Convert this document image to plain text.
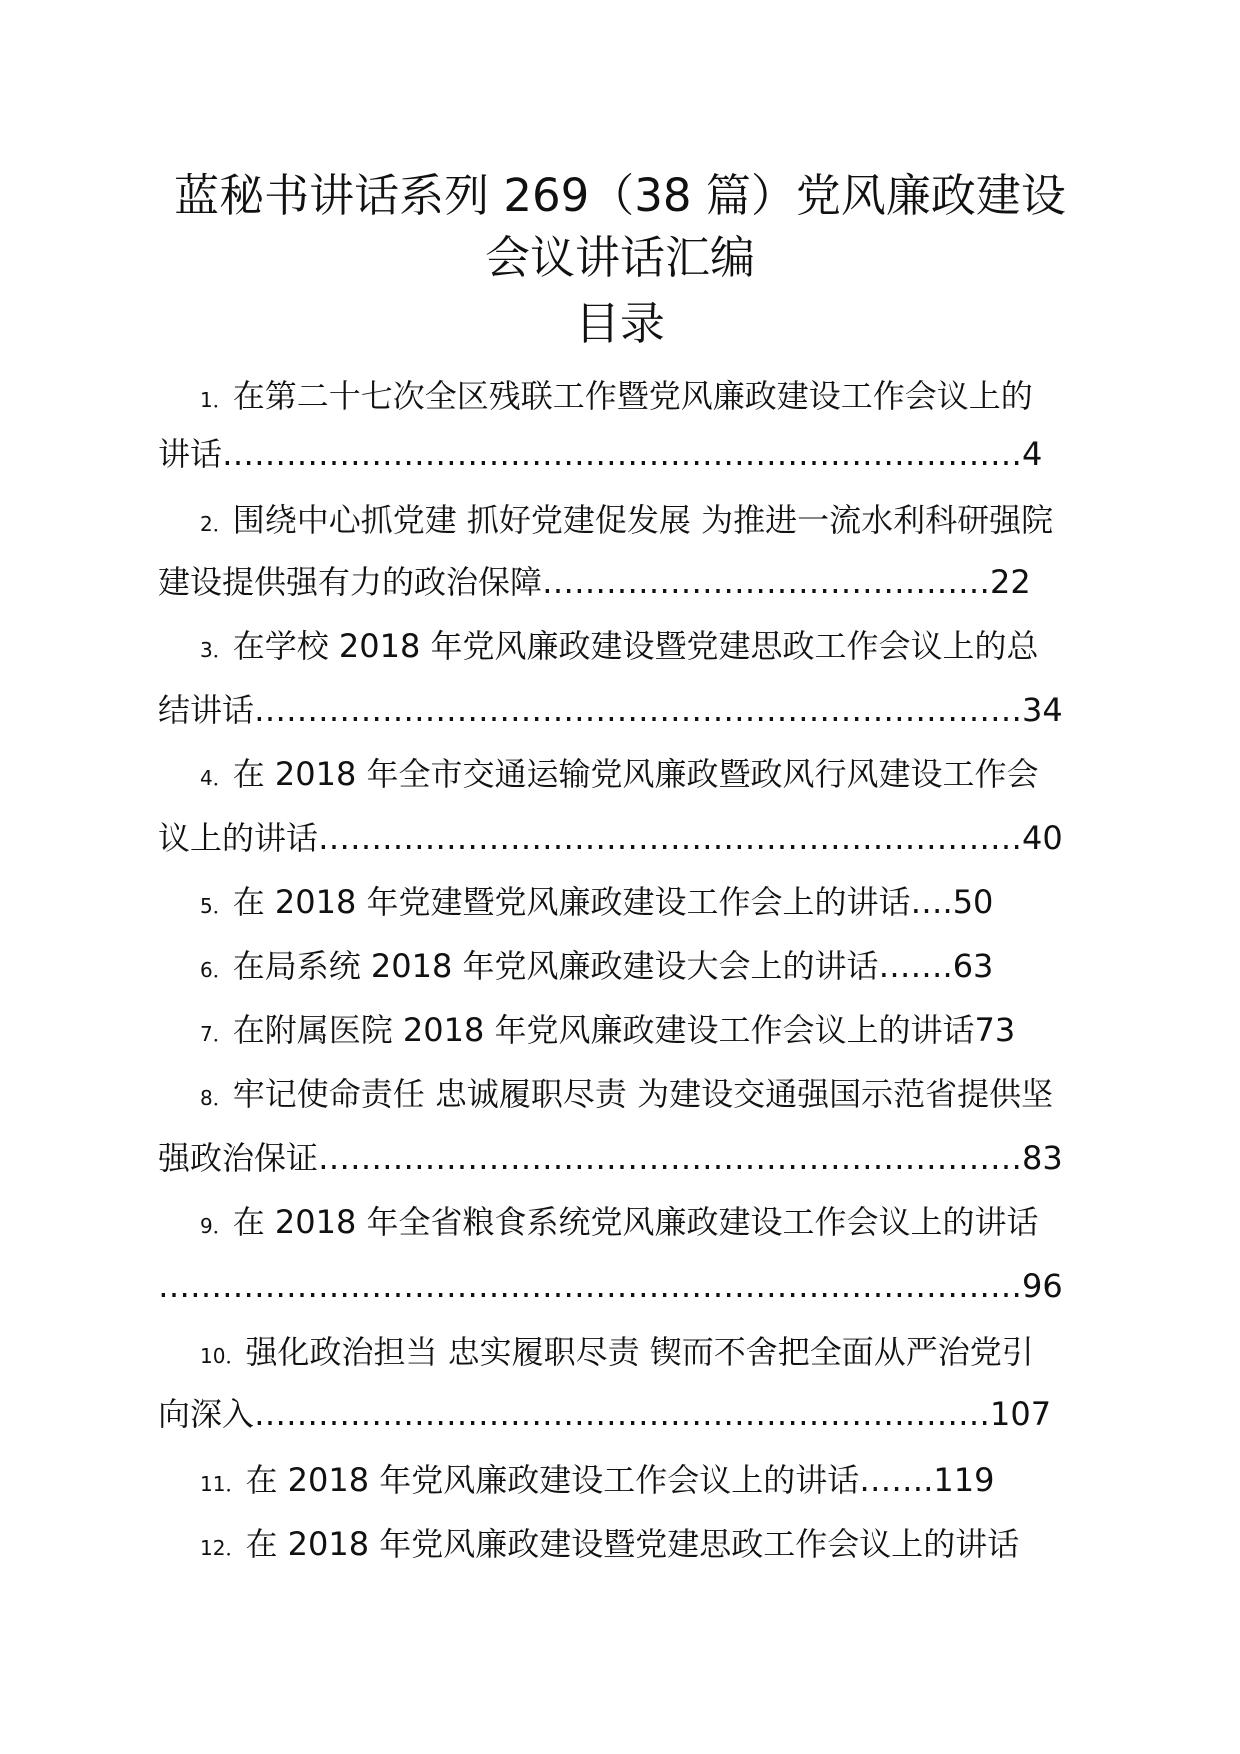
蓝秘书讲话系列 269（38 篇）党风廉政建设
会议讲话汇编
目录
1．在第二十七次全区残联工作暨党风廉政建设工作会议上的
讲话…………………………………………………………………4
2．围绕中心抓党建 抓好党建促发展 为推进一流水利科研强院
建设提供强有力的政治保障……………………………………22
3．在学校 2018 年党风廉政建设暨党建思政工作会议上的总
结讲话………………………………………………………………34
4．在 2018 年全市交通运输党风廉政暨政风行风建设工作会
议上的讲话…………………………………………………………40
5．在 2018 年党建暨党风廉政建设工作会上的讲话….50
6．在局系统 2018 年党风廉政建设大会上的讲话…….63
7．在附属医院 2018 年党风廉政建设工作会议上的讲话73
8．牢记使命责任 忠诚履职尽责 为建设交通强国示范省提供坚
强政治保证…………………………………………………………83
9．在 2018 年全省粮食系统党风廉政建设工作会议上的讲话
………………………………………………………………………96
10．强化政治担当 忠实履职尽责 锲而不舍把全面从严治党引
向深入……………………………………………………………107
11．在 2018 年党风廉政建设工作会议上的讲话…….119
12．在 2018 年党风廉政建设暨党建思政工作会议上的讲话
